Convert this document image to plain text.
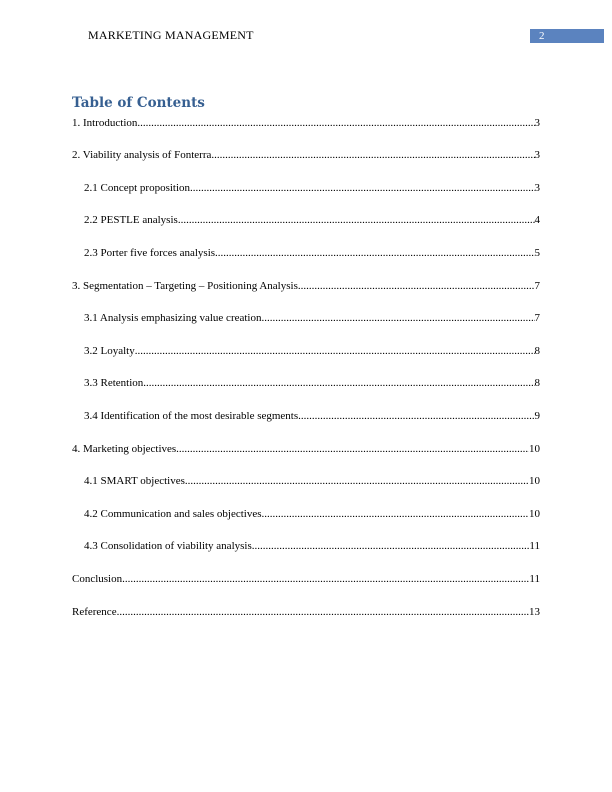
MARKETING MANAGEMENT	2
Table of Contents
1. Introduction .....	3
2. Viability analysis of Fonterra .....	3
2.1 Concept proposition .....	3
2.2 PESTLE analysis .....	4
2.3 Porter five forces analysis .....	5
3. Segmentation – Targeting – Positioning Analysis .....	7
3.1 Analysis emphasizing value creation .....	7
3.2 Loyalty .....	8
3.3 Retention .....	8
3.4 Identification of the most desirable segments .....	9
4. Marketing objectives .....	10
4.1 SMART objectives .....	10
4.2 Communication and sales objectives .....	10
4.3 Consolidation of viability analysis .....	11
Conclusion .....	11
Reference .....	13
